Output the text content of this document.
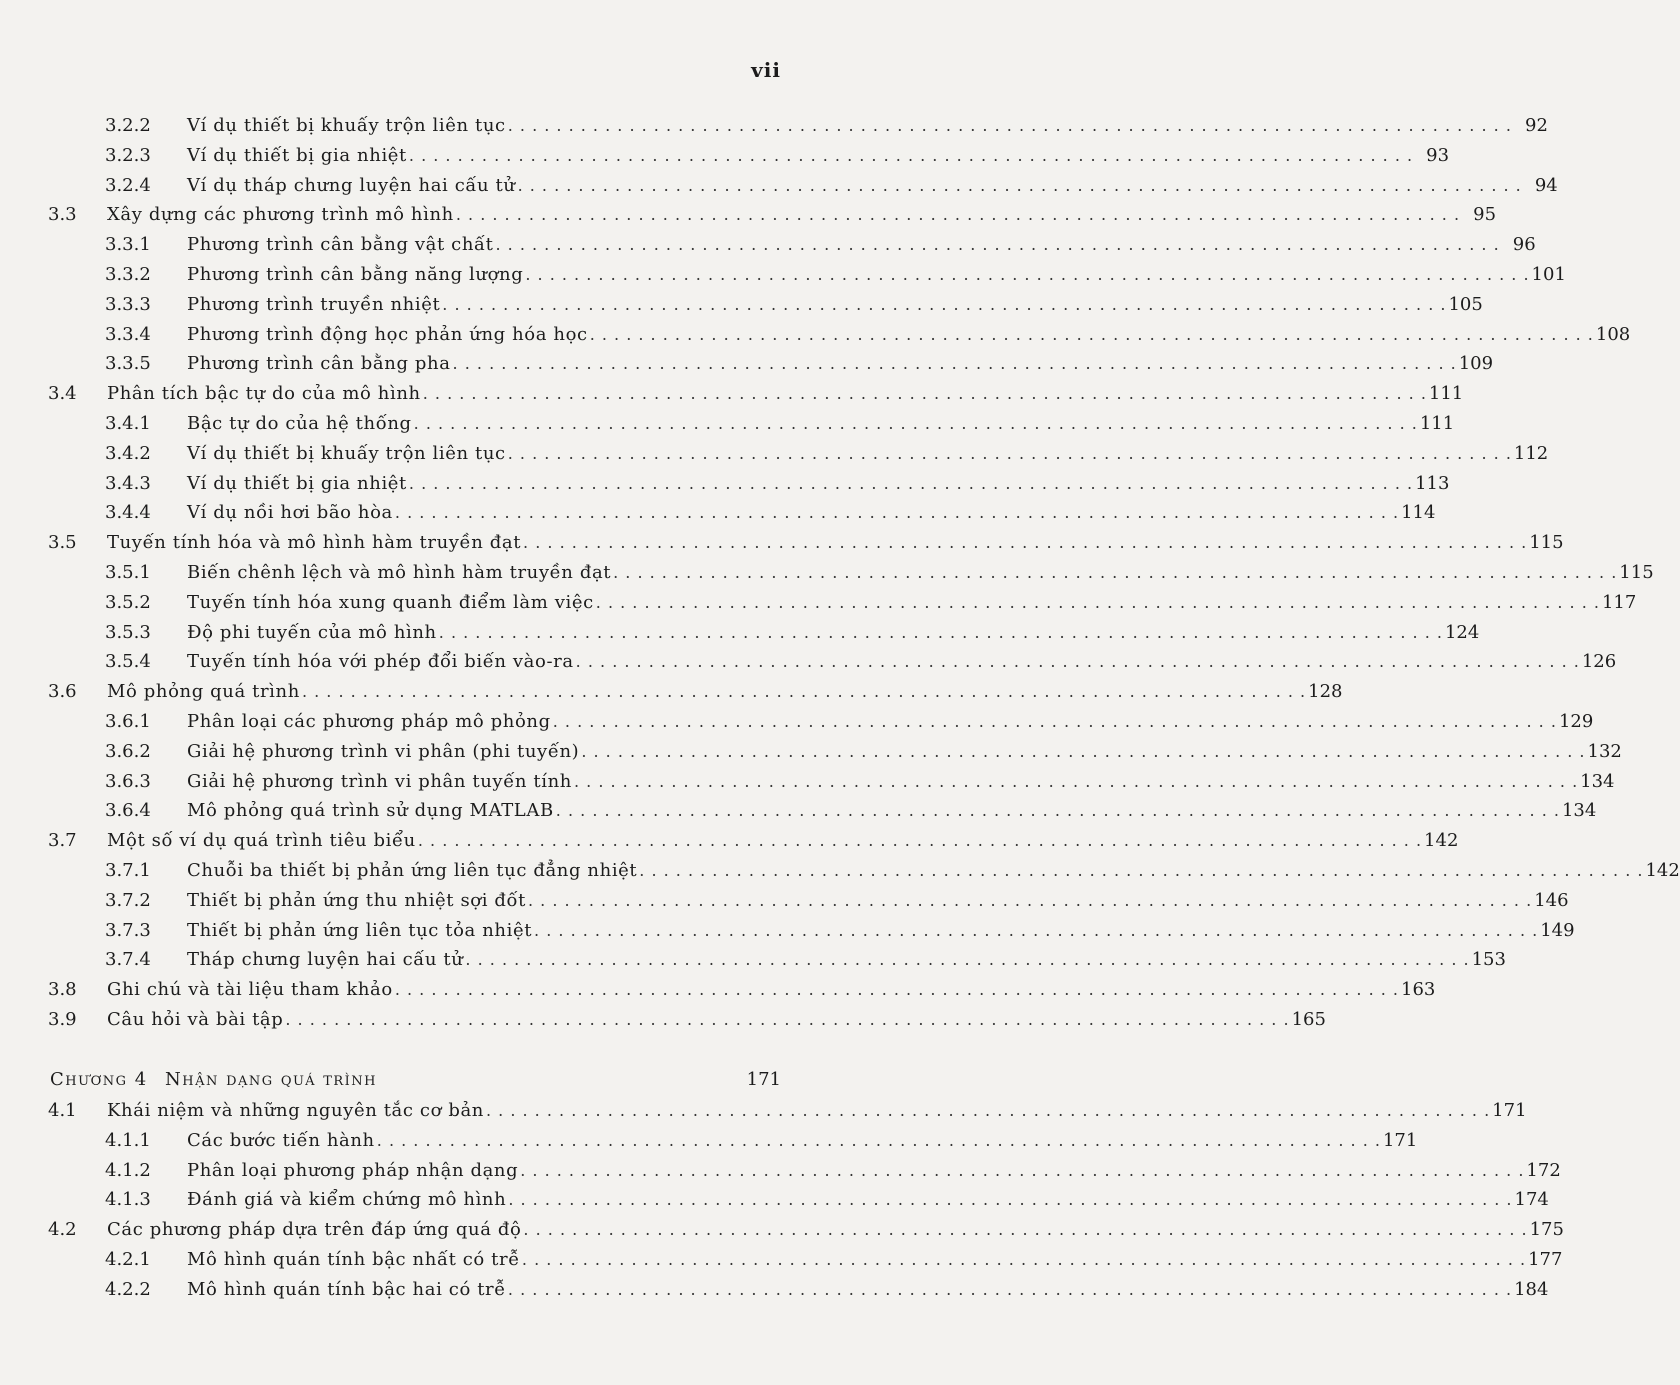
vii
3.2.2 Ví dụ thiết bị khuấy trộn liên tục . . . . . . . . . . . . . . . . . . . . . . . . . . . . . . . . . . . . . . . . . . . . . . . . . . . . . . . . . . . . . . . . . . . . . . . . . . . . . . . . . . . 92
3.2.3 Ví dụ thiết bị gia nhiệt . . . . . . . . . . . . . . . . . . . . . . . . . . . . . . . . . . . . . . . . . . . . . . . . . . . . . . . . . . . . . . . . . . . . . . . . . . . . . . . . . . . 93
3.2.4 Ví dụ tháp chưng luyện hai cấu tử . . . . . . . . . . . . . . . . . . . . . . . . . . . . . . . . . . . . . . . . . . . . . . . . . . . . . . . . . . . . . . . . . . . . . . . . . . . . . . . . . . . 94
3.3 Xây dựng các phương trình mô hình . . . . . . . . . . . . . . . . . . . . . . . . . . . . . . . . . . . . . . . . . . . . . . . . . . . . . . . . . . . . . . . . . . . . . . . . . . . . . . . . . . . 95
3.3.1 Phương trình cân bằng vật chất . . . . . . . . . . . . . . . . . . . . . . . . . . . . . . . . . . . . . . . . . . . . . . . . . . . . . . . . . . . . . . . . . . . . . . . . . . . . . . . . . . . 96
3.3.2 Phương trình cân bằng năng lượng . . . . . . . . . . . . . . . . . . . . . . . . . . . . . . . . . . . . . . . . . . . . . . . . . . . . . . . . . . . . . . . . . . . . . . . . . . . . . . . . . . . 101
3.3.3 Phương trình truyền nhiệt . . . . . . . . . . . . . . . . . . . . . . . . . . . . . . . . . . . . . . . . . . . . . . . . . . . . . . . . . . . . . . . . . . . . . . . . . . . . . . . . . . . 105
3.3.4 Phương trình động học phản ứng hóa học . . . . . . . . . . . . . . . . . . . . . . . . . . . . . . . . . . . . . . . . . . . . . . . . . . . . . . . . . . . . . . . . . . . . . . . . . . . . . . . . . . . 108
3.3.5 Phương trình cân bằng pha . . . . . . . . . . . . . . . . . . . . . . . . . . . . . . . . . . . . . . . . . . . . . . . . . . . . . . . . . . . . . . . . . . . . . . . . . . . . . . . . . . . 109
3.4 Phân tích bậc tự do của mô hình . . . . . . . . . . . . . . . . . . . . . . . . . . . . . . . . . . . . . . . . . . . . . . . . . . . . . . . . . . . . . . . . . . . . . . . . . . . . . . . . . . . 111
3.4.1 Bậc tự do của hệ thống . . . . . . . . . . . . . . . . . . . . . . . . . . . . . . . . . . . . . . . . . . . . . . . . . . . . . . . . . . . . . . . . . . . . . . . . . . . . . . . . . . . 111
3.4.2 Ví dụ thiết bị khuấy trộn liên tục . . . . . . . . . . . . . . . . . . . . . . . . . . . . . . . . . . . . . . . . . . . . . . . . . . . . . . . . . . . . . . . . . . . . . . . . . . . . . . . . . . . 112
3.4.3 Ví dụ thiết bị gia nhiệt . . . . . . . . . . . . . . . . . . . . . . . . . . . . . . . . . . . . . . . . . . . . . . . . . . . . . . . . . . . . . . . . . . . . . . . . . . . . . . . . . . . 113
3.4.4 Ví dụ nồi hơi bão hòa . . . . . . . . . . . . . . . . . . . . . . . . . . . . . . . . . . . . . . . . . . . . . . . . . . . . . . . . . . . . . . . . . . . . . . . . . . . . . . . . . . . 114
3.5 Tuyến tính hóa và mô hình hàm truyền đạt . . . . . . . . . . . . . . . . . . . . . . . . . . . . . . . . . . . . . . . . . . . . . . . . . . . . . . . . . . . . . . . . . . . . . . . . . . . . . . . . . . . 115
3.5.1 Biến chênh lệch và mô hình hàm truyền đạt . . . . . . . . . . . . . . . . . . . . . . . . . . . . . . . . . . . . . . . . . . . . . . . . . . . . . . . . . . . . . . . . . . . . . . . . . . . . . . . . . . . 115
3.5.2 Tuyến tính hóa xung quanh điểm làm việc . . . . . . . . . . . . . . . . . . . . . . . . . . . . . . . . . . . . . . . . . . . . . . . . . . . . . . . . . . . . . . . . . . . . . . . . . . . . . . . . . . . 117
3.5.3 Độ phi tuyến của mô hình . . . . . . . . . . . . . . . . . . . . . . . . . . . . . . . . . . . . . . . . . . . . . . . . . . . . . . . . . . . . . . . . . . . . . . . . . . . . . . . . . . . 124
3.5.4 Tuyến tính hóa với phép đổi biến vào-ra . . . . . . . . . . . . . . . . . . . . . . . . . . . . . . . . . . . . . . . . . . . . . . . . . . . . . . . . . . . . . . . . . . . . . . . . . . . . . . . . . . . 126
3.6 Mô phỏng quá trình . . . . . . . . . . . . . . . . . . . . . . . . . . . . . . . . . . . . . . . . . . . . . . . . . . . . . . . . . . . . . . . . . . . . . . . . . . . . . . . . . . . 128
3.6.1 Phân loại các phương pháp mô phỏng . . . . . . . . . . . . . . . . . . . . . . . . . . . . . . . . . . . . . . . . . . . . . . . . . . . . . . . . . . . . . . . . . . . . . . . . . . . . . . . . . . . 129
3.6.2 Giải hệ phương trình vi phân (phi tuyến) . . . . . . . . . . . . . . . . . . . . . . . . . . . . . . . . . . . . . . . . . . . . . . . . . . . . . . . . . . . . . . . . . . . . . . . . . . . . . . . . . . . 132
3.6.3 Giải hệ phương trình vi phân tuyến tính . . . . . . . . . . . . . . . . . . . . . . . . . . . . . . . . . . . . . . . . . . . . . . . . . . . . . . . . . . . . . . . . . . . . . . . . . . . . . . . . . . . 134
3.6.4 Mô phỏng quá trình sử dụng MATLAB . . . . . . . . . . . . . . . . . . . . . . . . . . . . . . . . . . . . . . . . . . . . . . . . . . . . . . . . . . . . . . . . . . . . . . . . . . . . . . . . . . . 134
3.7 Một số ví dụ quá trình tiêu biểu . . . . . . . . . . . . . . . . . . . . . . . . . . . . . . . . . . . . . . . . . . . . . . . . . . . . . . . . . . . . . . . . . . . . . . . . . . . . . . . . . . . 142
3.7.1 Chuỗi ba thiết bị phản ứng liên tục đẳng nhiệt . . . . . . . . . . . . . . . . . . . . . . . . . . . . . . . . . . . . . . . . . . . . . . . . . . . . . . . . . . . . . . . . . . . . . . . . . . . . . . . . . . . 142
3.7.2 Thiết bị phản ứng thu nhiệt sợi đốt . . . . . . . . . . . . . . . . . . . . . . . . . . . . . . . . . . . . . . . . . . . . . . . . . . . . . . . . . . . . . . . . . . . . . . . . . . . . . . . . . . . 146
3.7.3 Thiết bị phản ứng liên tục tỏa nhiệt . . . . . . . . . . . . . . . . . . . . . . . . . . . . . . . . . . . . . . . . . . . . . . . . . . . . . . . . . . . . . . . . . . . . . . . . . . . . . . . . . . . 149
3.7.4 Tháp chưng luyện hai cấu tử . . . . . . . . . . . . . . . . . . . . . . . . . . . . . . . . . . . . . . . . . . . . . . . . . . . . . . . . . . . . . . . . . . . . . . . . . . . . . . . . . . . 153
3.8 Ghi chú và tài liệu tham khảo . . . . . . . . . . . . . . . . . . . . . . . . . . . . . . . . . . . . . . . . . . . . . . . . . . . . . . . . . . . . . . . . . . . . . . . . . . . . . . . . . . . 163
3.9 Câu hỏi và bài tập . . . . . . . . . . . . . . . . . . . . . . . . . . . . . . . . . . . . . . . . . . . . . . . . . . . . . . . . . . . . . . . . . . . . . . . . . . . . . . . . . . . 165
Chương 4 Nhận dạng quá trình	171
4.1 Khái niệm và những nguyên tắc cơ bản . . . . . . . . . . . . . . . . . . . . . . . . . . . . . . . . . . . . . . . . . . . . . . . . . . . . . . . . . . . . . . . . . . . . . . . . . . . . . . . . . . . 171
4.1.1 Các bước tiến hành . . . . . . . . . . . . . . . . . . . . . . . . . . . . . . . . . . . . . . . . . . . . . . . . . . . . . . . . . . . . . . . . . . . . . . . . . . . . . . . . . . . 171
4.1.2 Phân loại phương pháp nhận dạng . . . . . . . . . . . . . . . . . . . . . . . . . . . . . . . . . . . . . . . . . . . . . . . . . . . . . . . . . . . . . . . . . . . . . . . . . . . . . . . . . . . 172
4.1.3 Đánh giá và kiểm chứng mô hình . . . . . . . . . . . . . . . . . . . . . . . . . . . . . . . . . . . . . . . . . . . . . . . . . . . . . . . . . . . . . . . . . . . . . . . . . . . . . . . . . . . 174
4.2 Các phương pháp dựa trên đáp ứng quá độ . . . . . . . . . . . . . . . . . . . . . . . . . . . . . . . . . . . . . . . . . . . . . . . . . . . . . . . . . . . . . . . . . . . . . . . . . . . . . . . . . . . 175
4.2.1 Mô hình quán tính bậc nhất có trễ . . . . . . . . . . . . . . . . . . . . . . . . . . . . . . . . . . . . . . . . . . . . . . . . . . . . . . . . . . . . . . . . . . . . . . . . . . . . . . . . . . . 177
4.2.2 Mô hình quán tính bậc hai có trễ . . . . . . . . . . . . . . . . . . . . . . . . . . . . . . . . . . . . . . . . . . . . . . . . . . . . . . . . . . . . . . . . . . . . . . . . . . . . . . . . . . . 184
